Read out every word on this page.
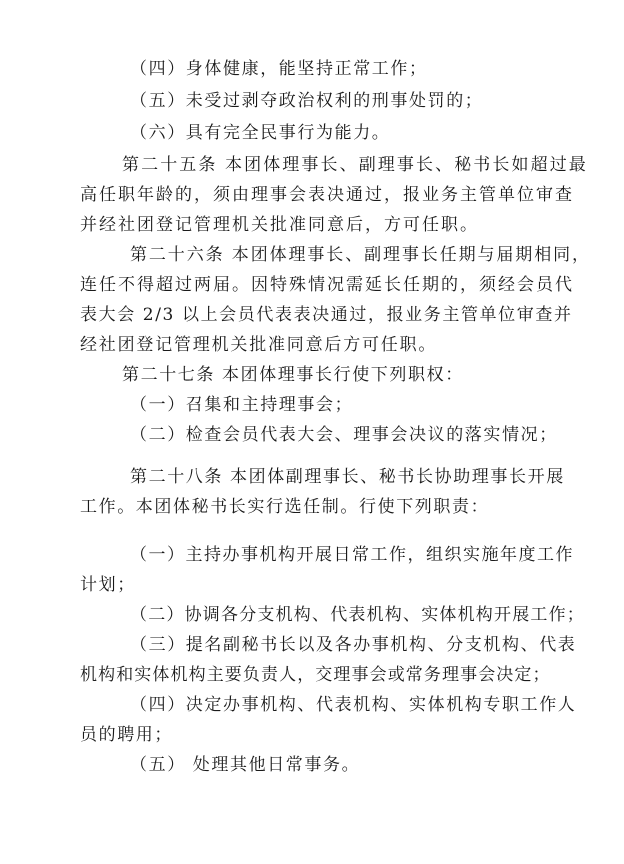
（四）身体健康，能坚持正常工作；
（五）未受过剥夺政治权利的刑事处罚的；
（六）具有完全民事行为能力。
第二十五条 本团体理事长、副理事长、秘书长如超过最
高任职年龄的，须由理事会表决通过，报业务主管单位审查
并经社团登记管理机关批准同意后，方可任职。
第二十六条 本团体理事长、副理事长任期与届期相同，
连任不得超过两届。因特殊情况需延长任期的，须经会员代
表大会 2/3 以上会员代表表决通过，报业务主管单位审查并
经社团登记管理机关批准同意后方可任职。
第二十七条 本团体理事长行使下列职权：
（一）召集和主持理事会；
（二）检查会员代表大会、理事会决议的落实情况；
第二十八条 本团体副理事长、秘书长协助理事长开展
工作。本团体秘书长实行选任制。行使下列职责：
（一）主持办事机构开展日常工作，组织实施年度工作
计划；
（二）协调各分支机构、代表机构、实体机构开展工作；
（三）提名副秘书长以及各办事机构、分支机构、代表
机构和实体机构主要负责人，交理事会或常务理事会决定；
（四）决定办事机构、代表机构、实体机构专职工作人
员的聘用；
（五） 处理其他日常事务。
